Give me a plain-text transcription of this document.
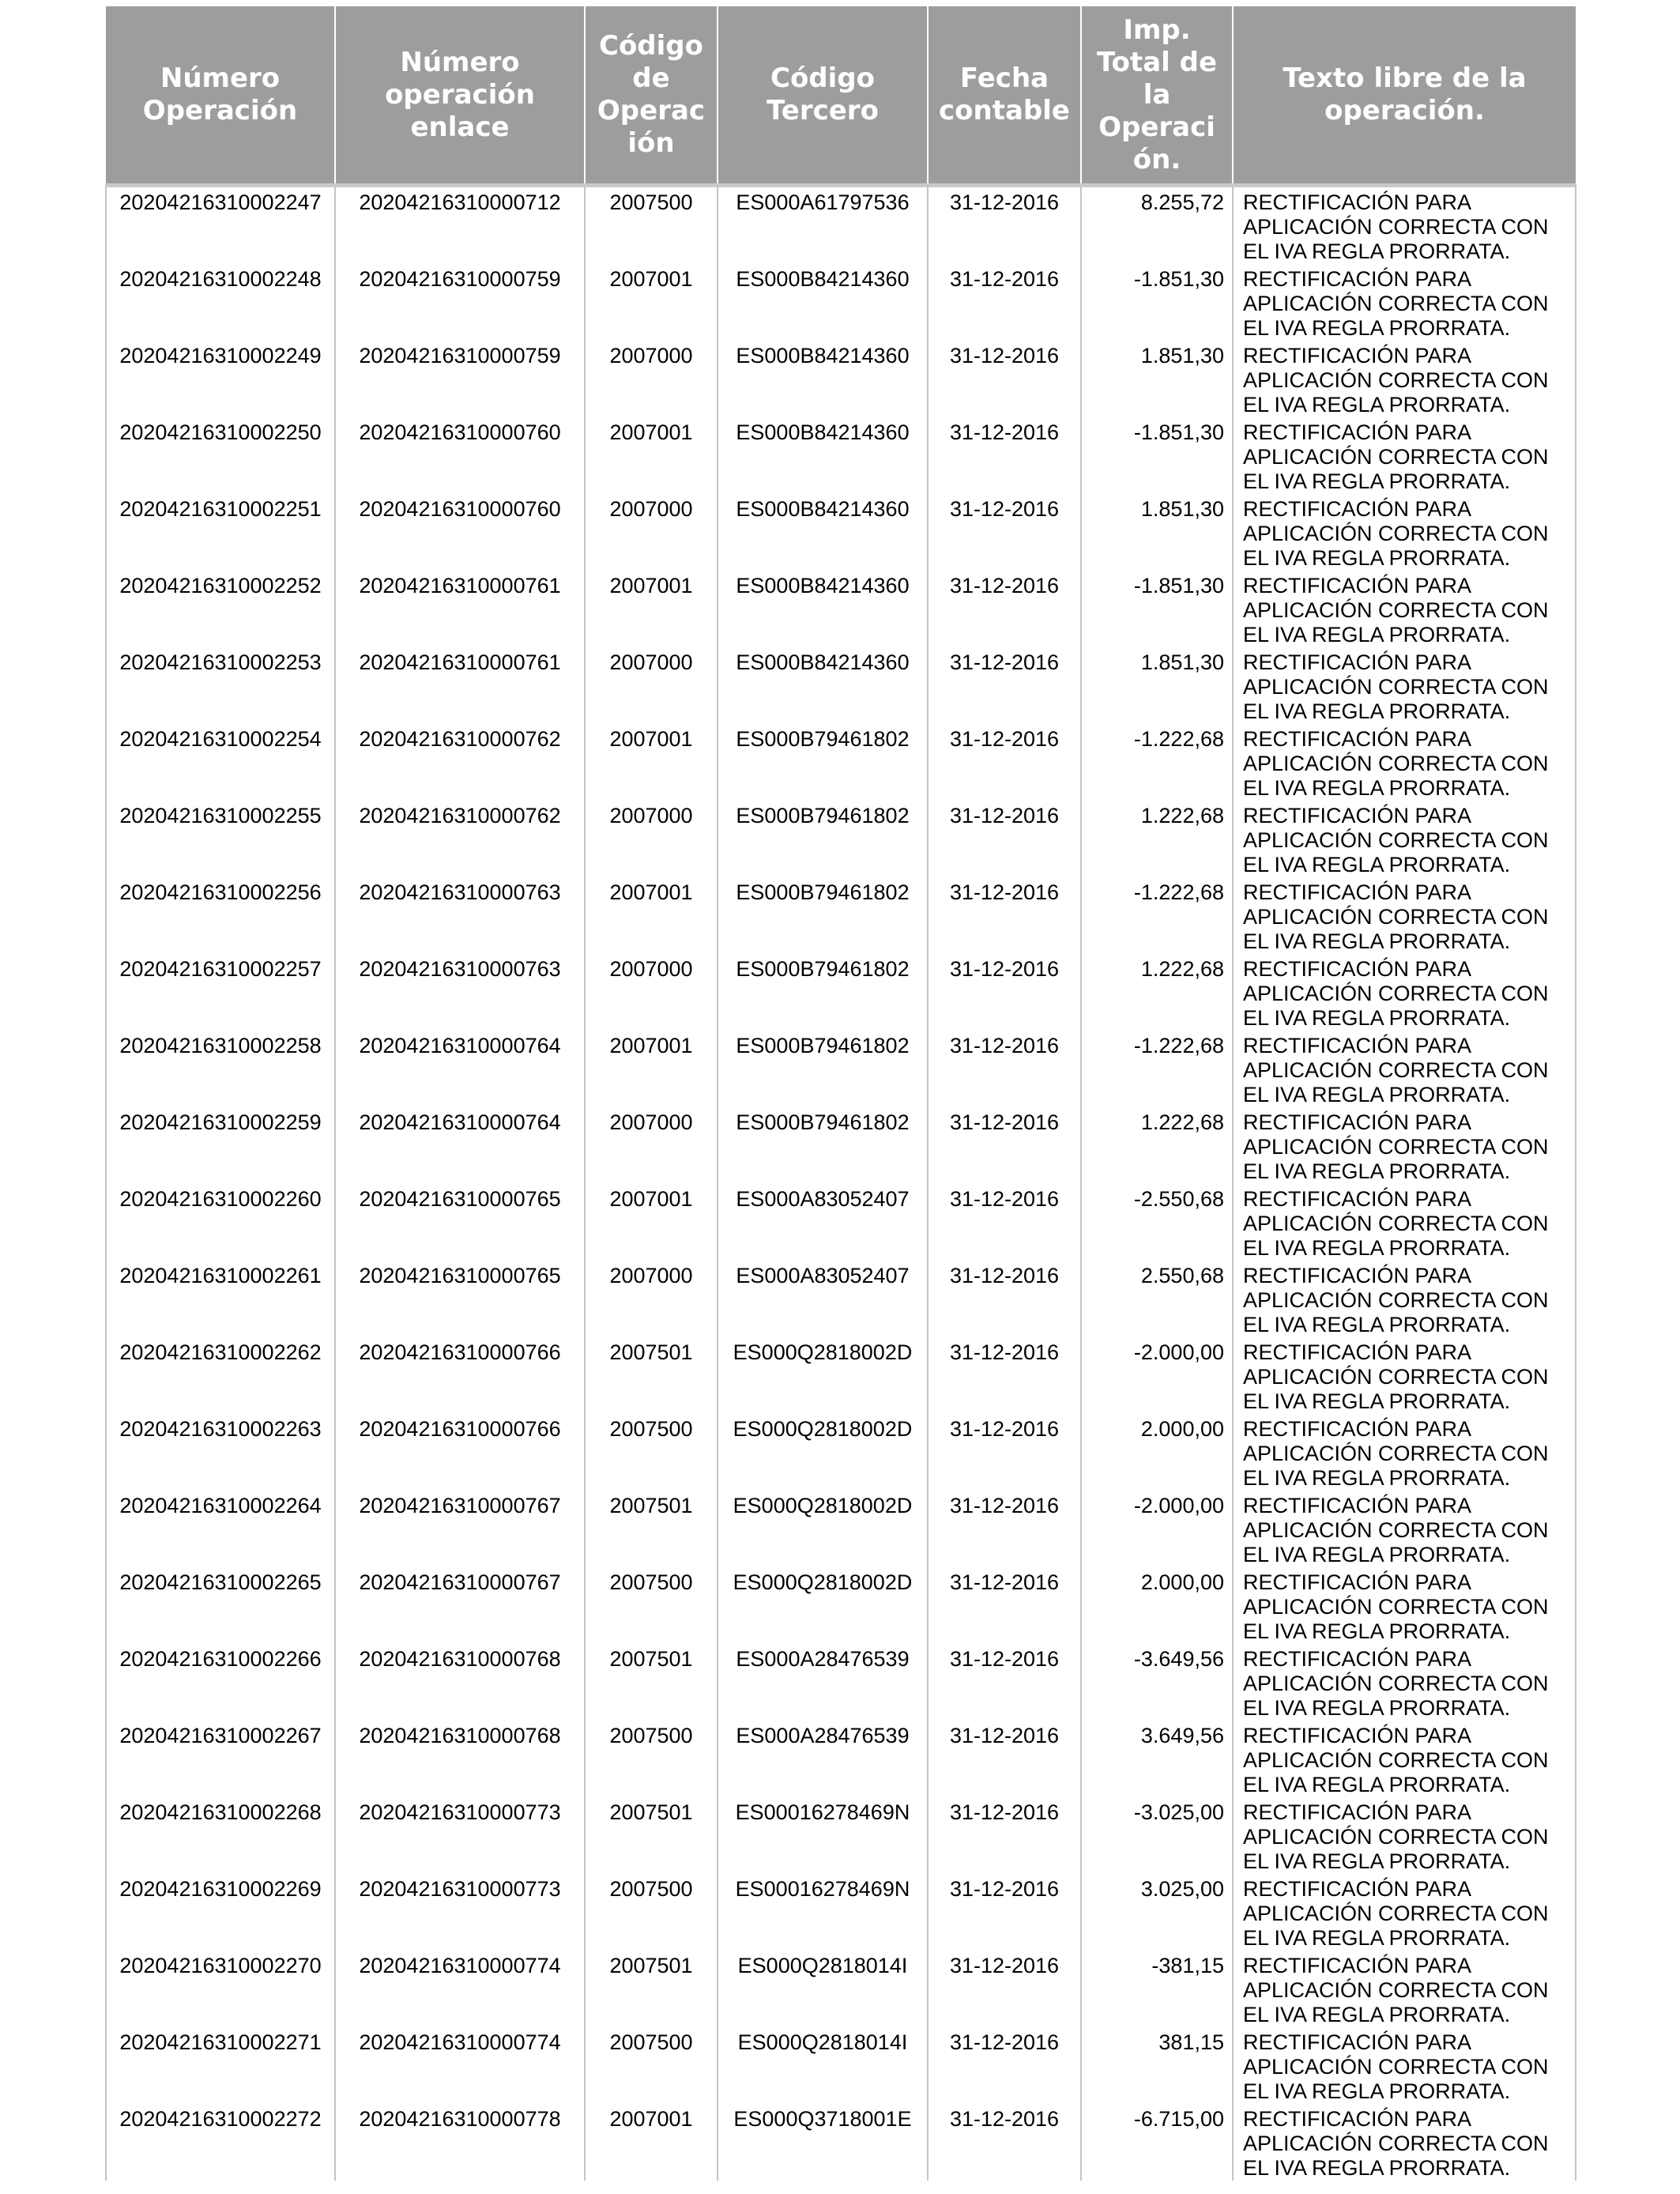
Número
Operación	Número
operación
enlace	Código
de
Operac
ión	Código
Tercero	Fecha
contable	Imp.
Total de
la
Operaci
ón.	Texto libre de la
operación.

20204216310002247	20204216310000712	2007500	ES000A61797536	31-12-2016	8.255,72	RECTIFICACIÓN PARA
APLICACIÓN CORRECTA CON
EL IVA REGLA PRORRATA.

20204216310002248	20204216310000759	2007001	ES000B84214360	31-12-2016	-1.851,30	RECTIFICACIÓN PARA
APLICACIÓN CORRECTA CON
EL IVA REGLA PRORRATA.

20204216310002249	20204216310000759	2007000	ES000B84214360	31-12-2016	1.851,30	RECTIFICACIÓN PARA
APLICACIÓN CORRECTA CON
EL IVA REGLA PRORRATA.

20204216310002250	20204216310000760	2007001	ES000B84214360	31-12-2016	-1.851,30	RECTIFICACIÓN PARA
APLICACIÓN CORRECTA CON
EL IVA REGLA PRORRATA.

20204216310002251	20204216310000760	2007000	ES000B84214360	31-12-2016	1.851,30	RECTIFICACIÓN PARA
APLICACIÓN CORRECTA CON
EL IVA REGLA PRORRATA.

20204216310002252	20204216310000761	2007001	ES000B84214360	31-12-2016	-1.851,30	RECTIFICACIÓN PARA
APLICACIÓN CORRECTA CON
EL IVA REGLA PRORRATA.

20204216310002253	20204216310000761	2007000	ES000B84214360	31-12-2016	1.851,30	RECTIFICACIÓN PARA
APLICACIÓN CORRECTA CON
EL IVA REGLA PRORRATA.

20204216310002254	20204216310000762	2007001	ES000B79461802	31-12-2016	-1.222,68	RECTIFICACIÓN PARA
APLICACIÓN CORRECTA CON
EL IVA REGLA PRORRATA.

20204216310002255	20204216310000762	2007000	ES000B79461802	31-12-2016	1.222,68	RECTIFICACIÓN PARA
APLICACIÓN CORRECTA CON
EL IVA REGLA PRORRATA.

20204216310002256	20204216310000763	2007001	ES000B79461802	31-12-2016	-1.222,68	RECTIFICACIÓN PARA
APLICACIÓN CORRECTA CON
EL IVA REGLA PRORRATA.

20204216310002257	20204216310000763	2007000	ES000B79461802	31-12-2016	1.222,68	RECTIFICACIÓN PARA
APLICACIÓN CORRECTA CON
EL IVA REGLA PRORRATA.

20204216310002258	20204216310000764	2007001	ES000B79461802	31-12-2016	-1.222,68	RECTIFICACIÓN PARA
APLICACIÓN CORRECTA CON
EL IVA REGLA PRORRATA.

20204216310002259	20204216310000764	2007000	ES000B79461802	31-12-2016	1.222,68	RECTIFICACIÓN PARA
APLICACIÓN CORRECTA CON
EL IVA REGLA PRORRATA.

20204216310002260	20204216310000765	2007001	ES000A83052407	31-12-2016	-2.550,68	RECTIFICACIÓN PARA
APLICACIÓN CORRECTA CON
EL IVA REGLA PRORRATA.

20204216310002261	20204216310000765	2007000	ES000A83052407	31-12-2016	2.550,68	RECTIFICACIÓN PARA
APLICACIÓN CORRECTA CON
EL IVA REGLA PRORRATA.

20204216310002262	20204216310000766	2007501	ES000Q2818002D	31-12-2016	-2.000,00	RECTIFICACIÓN PARA
APLICACIÓN CORRECTA CON
EL IVA REGLA PRORRATA.

20204216310002263	20204216310000766	2007500	ES000Q2818002D	31-12-2016	2.000,00	RECTIFICACIÓN PARA
APLICACIÓN CORRECTA CON
EL IVA REGLA PRORRATA.

20204216310002264	20204216310000767	2007501	ES000Q2818002D	31-12-2016	-2.000,00	RECTIFICACIÓN PARA
APLICACIÓN CORRECTA CON
EL IVA REGLA PRORRATA.

20204216310002265	20204216310000767	2007500	ES000Q2818002D	31-12-2016	2.000,00	RECTIFICACIÓN PARA
APLICACIÓN CORRECTA CON
EL IVA REGLA PRORRATA.

20204216310002266	20204216310000768	2007501	ES000A28476539	31-12-2016	-3.649,56	RECTIFICACIÓN PARA
APLICACIÓN CORRECTA CON
EL IVA REGLA PRORRATA.

20204216310002267	20204216310000768	2007500	ES000A28476539	31-12-2016	3.649,56	RECTIFICACIÓN PARA
APLICACIÓN CORRECTA CON
EL IVA REGLA PRORRATA.

20204216310002268	20204216310000773	2007501	ES00016278469N	31-12-2016	-3.025,00	RECTIFICACIÓN PARA
APLICACIÓN CORRECTA CON
EL IVA REGLA PRORRATA.

20204216310002269	20204216310000773	2007500	ES00016278469N	31-12-2016	3.025,00	RECTIFICACIÓN PARA
APLICACIÓN CORRECTA CON
EL IVA REGLA PRORRATA.

20204216310002270	20204216310000774	2007501	ES000Q2818014I	31-12-2016	-381,15	RECTIFICACIÓN PARA
APLICACIÓN CORRECTA CON
EL IVA REGLA PRORRATA.

20204216310002271	20204216310000774	2007500	ES000Q2818014I	31-12-2016	381,15	RECTIFICACIÓN PARA
APLICACIÓN CORRECTA CON
EL IVA REGLA PRORRATA.

20204216310002272	20204216310000778	2007001	ES000Q3718001E	31-12-2016	-6.715,00	RECTIFICACIÓN PARA
APLICACIÓN CORRECTA CON
EL IVA REGLA PRORRATA.
